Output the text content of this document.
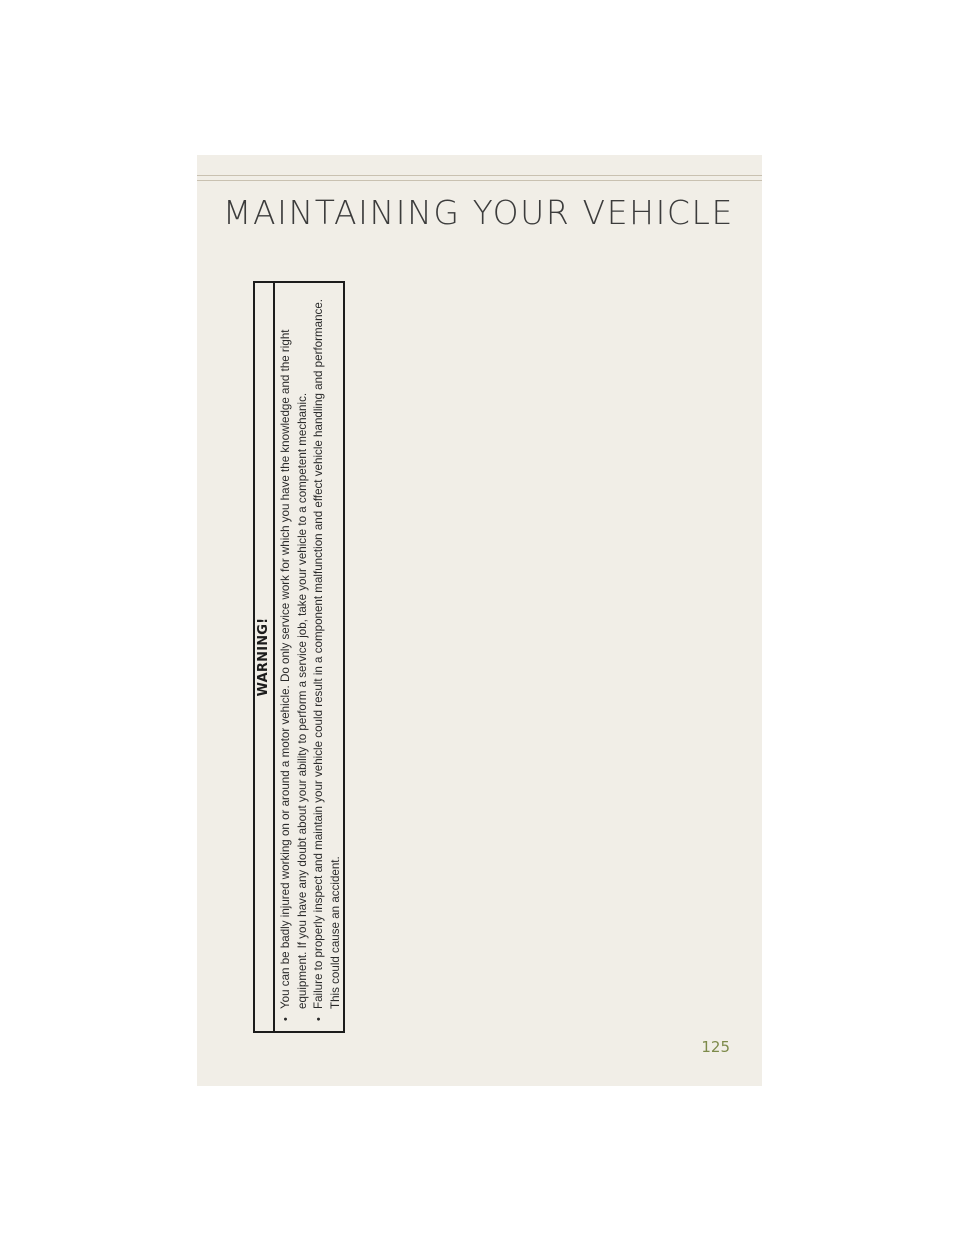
MAINTAINING YOUR VEHICLE
WARNING!
•
You can be badly injured working on or around a motor vehicle. Do only service work for which you have the knowledge and the right equipment. If you have any doubt about your ability to perform a service job, take your vehicle to a competent mechanic.
•
Failure to properly inspect and maintain your vehicle could result in a component malfunction and effect vehicle handling and performance. This could cause an accident.
125
